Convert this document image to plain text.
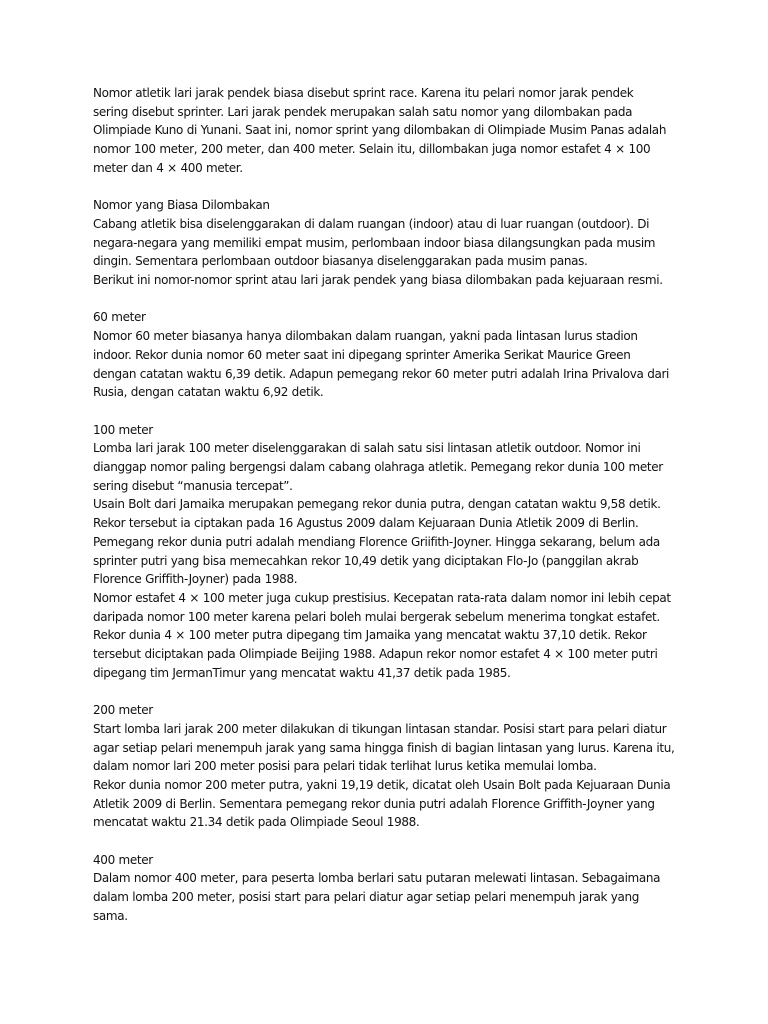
Nomor atletik lari jarak pendek biasa disebut sprint race. Karena itu pelari nomor jarak pendek
sering disebut sprinter. Lari jarak pendek merupakan salah satu nomor yang dilombakan pada
Olimpiade Kuno di Yunani. Saat ini, nomor sprint yang dilombakan di Olimpiade Musim Panas adalah
nomor 100 meter, 200 meter, dan 400 meter. Selain itu, dillombakan juga nomor estafet 4 × 100
meter dan 4 × 400 meter.
Nomor yang Biasa Dilombakan
Cabang atletik bisa diselenggarakan di dalam ruangan (indoor) atau di luar ruangan (outdoor). Di
negara-negara yang memiliki empat musim, perlombaan indoor biasa dilangsungkan pada musim
dingin. Sementara perlombaan outdoor biasanya diselenggarakan pada musim panas.
Berikut ini nomor-nomor sprint atau lari jarak pendek yang biasa dilombakan pada kejuaraan resmi.
60 meter
Nomor 60 meter biasanya hanya dilombakan dalam ruangan, yakni pada lintasan lurus stadion
indoor. Rekor dunia nomor 60 meter saat ini dipegang sprinter Amerika Serikat Maurice Green
dengan catatan waktu 6,39 detik. Adapun pemegang rekor 60 meter putri adalah Irina Privalova dari
Rusia, dengan catatan waktu 6,92 detik.
100 meter
Lomba lari jarak 100 meter diselenggarakan di salah satu sisi lintasan atletik outdoor. Nomor ini
dianggap nomor paling bergengsi dalam cabang olahraga atletik. Pemegang rekor dunia 100 meter
sering disebut “manusia tercepat”.
Usain Bolt dari Jamaika merupakan pemegang rekor dunia putra, dengan catatan waktu 9,58 detik.
Rekor tersebut ia ciptakan pada 16 Agustus 2009 dalam Kejuaraan Dunia Atletik 2009 di Berlin.
Pemegang rekor dunia putri adalah mendiang Florence Griifith-Joyner. Hingga sekarang, belum ada
sprinter putri yang bisa memecahkan rekor 10,49 detik yang diciptakan Flo-Jo (panggilan akrab
Florence Griffith-Joyner) pada 1988.
Nomor estafet 4 × 100 meter juga cukup prestisius. Kecepatan rata-rata dalam nomor ini lebih cepat
daripada nomor 100 meter karena pelari boleh mulai bergerak sebelum menerima tongkat estafet.
Rekor dunia 4 × 100 meter putra dipegang tim Jamaika yang mencatat waktu 37,10 detik. Rekor
tersebut diciptakan pada Olimpiade Beijing 1988. Adapun rekor nomor estafet 4 × 100 meter putri
dipegang tim JermanTimur yang mencatat waktu 41,37 detik pada 1985.
200 meter
Start lomba lari jarak 200 meter dilakukan di tikungan lintasan standar. Posisi start para pelari diatur
agar setiap pelari menempuh jarak yang sama hingga finish di bagian lintasan yang lurus. Karena itu,
dalam nomor lari 200 meter posisi para pelari tidak terlihat lurus ketika memulai lomba.
Rekor dunia nomor 200 meter putra, yakni 19,19 detik, dicatat oleh Usain Bolt pada Kejuaraan Dunia
Atletik 2009 di Berlin. Sementara pemegang rekor dunia putri adalah Florence Griffith-Joyner yang
mencatat waktu 21.34 detik pada Olimpiade Seoul 1988.
400 meter
Dalam nomor 400 meter, para peserta lomba berlari satu putaran melewati lintasan. Sebagaimana
dalam lomba 200 meter, posisi start para pelari diatur agar setiap pelari menempuh jarak yang
sama.
